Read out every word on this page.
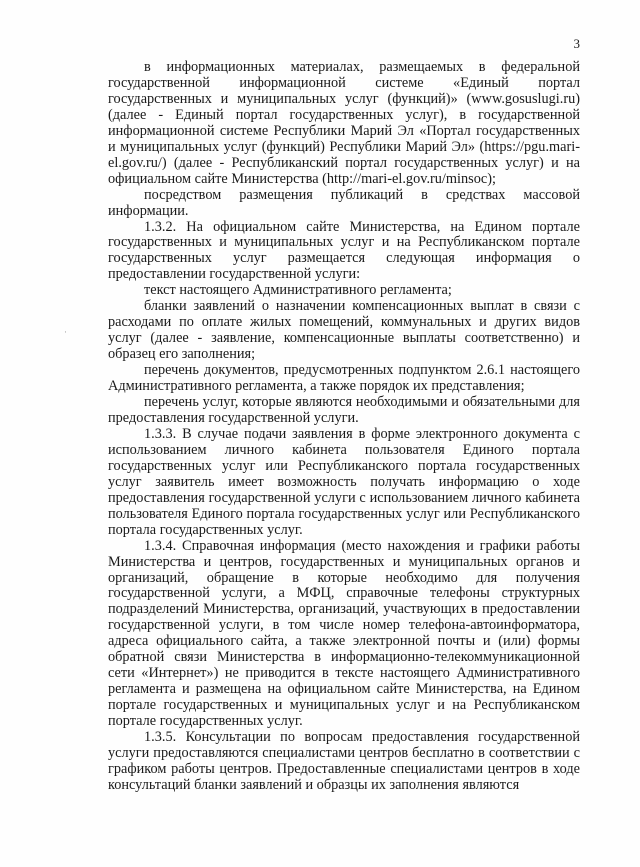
3
·

в информационных материалах, размещаемых в федеральной государственной информационной системе «Единый портал государственных и муниципальных услуг (функций)» (www.gosuslugi.ru) (далее - Единый портал государственных услуг), в государственной информационной системе Республики Марий Эл «Портал государственных и муниципальных услуг (функций) Республики Марий Эл» (https://pgu.mari-el.gov.ru/) (далее - Республиканский портал государственных услуг) и на официальном сайте Министерства (http://mari-el.gov.ru/minsoc);

посредством размещения публикаций в средствах массовой информации.

1.3.2. На официальном сайте Министерства, на Едином портале государственных и муниципальных услуг и на Республиканском портале государственных услуг размещается следующая информация о предоставлении государственной услуги:

текст настоящего Административного регламента;

бланки заявлений о назначении компенсационных выплат в связи с расходами по оплате жилых помещений, коммунальных и других видов услуг (далее - заявление, компенсационные выплаты соответственно) и образец его заполнения;

перечень документов, предусмотренных подпунктом 2.6.1 настоящего Административного регламента, а также порядок их представления;

перечень услуг, которые являются необходимыми и обязательными для предоставления государственной услуги.

1.3.3. В случае подачи заявления в форме электронного документа с использованием личного кабинета пользователя Единого портала государственных услуг или Республиканского портала государственных услуг заявитель имеет возможность получать информацию о ходе предоставления государственной услуги с использованием личного кабинета пользователя Единого портала государственных услуг или Республиканского портала государственных услуг.

1.3.4. Справочная информация (место нахождения и графики работы Министерства и центров, государственных и муниципальных органов и организаций, обращение в которые необходимо для получения государственной услуги, а МФЦ, справочные телефоны структурных подразделений Министерства, организаций, участвующих в предоставлении государственной услуги, в том числе номер телефона-автоинформатора, адреса официального сайта, а также электронной почты и (или) формы обратной связи Министерства в информационно-телекоммуникационной сети «Интернет») не приводится в тексте настоящего Административного регламента и размещена на официальном сайте Министерства, на Едином портале государственных и муниципальных услуг и на Республиканском портале государственных услуг.

1.3.5. Консультации по вопросам предоставления государственной услуги предоставляются специалистами центров бесплатно в соответствии с графиком работы центров. Предоставленные специалистами центров в ходе консультаций бланки заявлений и образцы их заполнения являются
